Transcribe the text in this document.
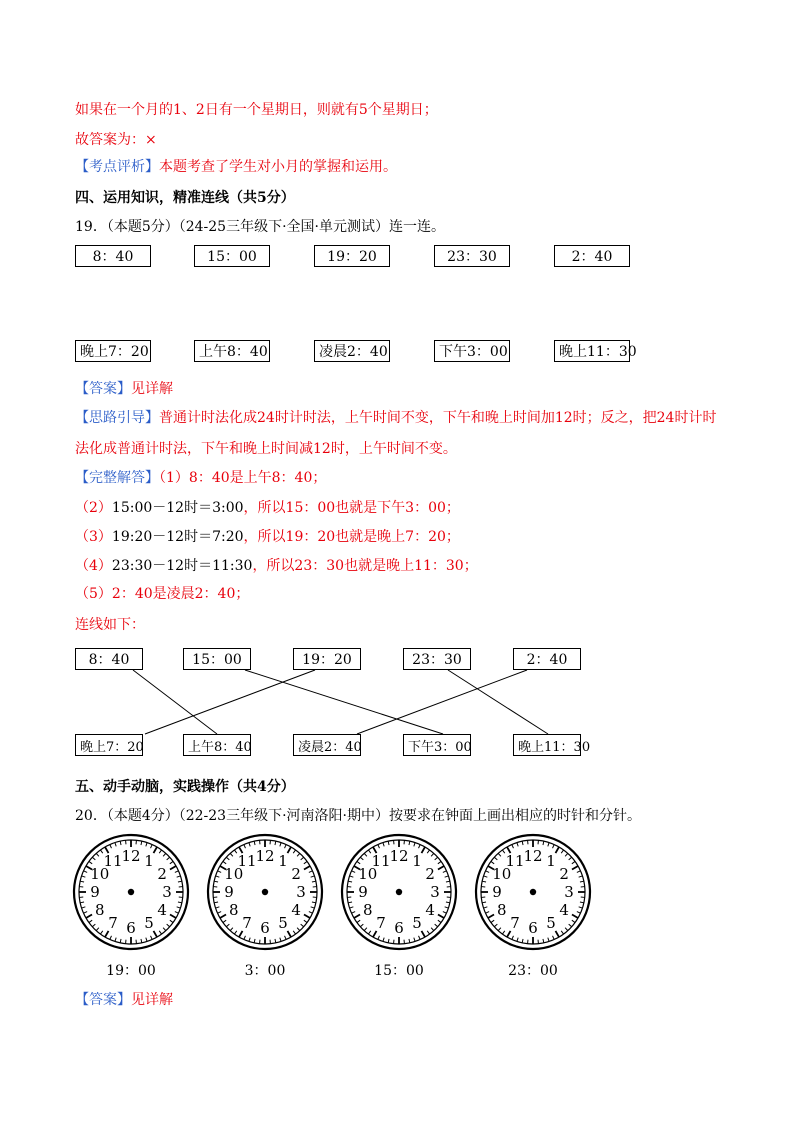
如果在一个月的1、2日有一个星期日，则就有5个星期日；
故答案为：×
【考点评析】本题考查了学生对小月的掌握和运用。
四、运用知识，精准连线（共5分）
19．（本题5分）（24-25三年级下·全国·单元测试）连一连。
8：40	15：00	19：20	23：30	2：40
晚上7：20	上午8：40	凌晨2：40	下午3：00	晚上11：30
【答案】见详解
【思路引导】普通计时法化成24时计时法，上午时间不变，下午和晚上时间加12时；反之，把24时计时
法化成普通计时法，下午和晚上时间减12时，上午时间不变。
【完整解答】（1）8：40是上午8：40；
（2）15:00－12时＝3:00，所以15：00也就是下午3：00；
（3）19:20－12时＝7:20，所以19：20也就是晚上7：20；
（4）23:30－12时＝11:30，所以23：30也就是晚上11：30；
（5）2：40是凌晨2：40；
连线如下：
8：40	15：00	19：20	23：30	2：40
晚上7：20	上午8：40	凌晨2：40	下午3：00	晚上11：30
五、动手动脑，实践操作（共4分）
20．（本题4分）（22-23三年级下·河南洛阳·期中）按要求在钟面上画出相应的时针和分针。
12 1
2
3
4
5
6
7
8
9
10
11	12 1
2
3
4
5
6
7
8
9
10
11	12 1
2
3
4
5
6
7
8
9
10
11	12 1
2
3
4
5
6
7
8
9
10
11
19：00	3：00	15：00	23：00
【答案】见详解
